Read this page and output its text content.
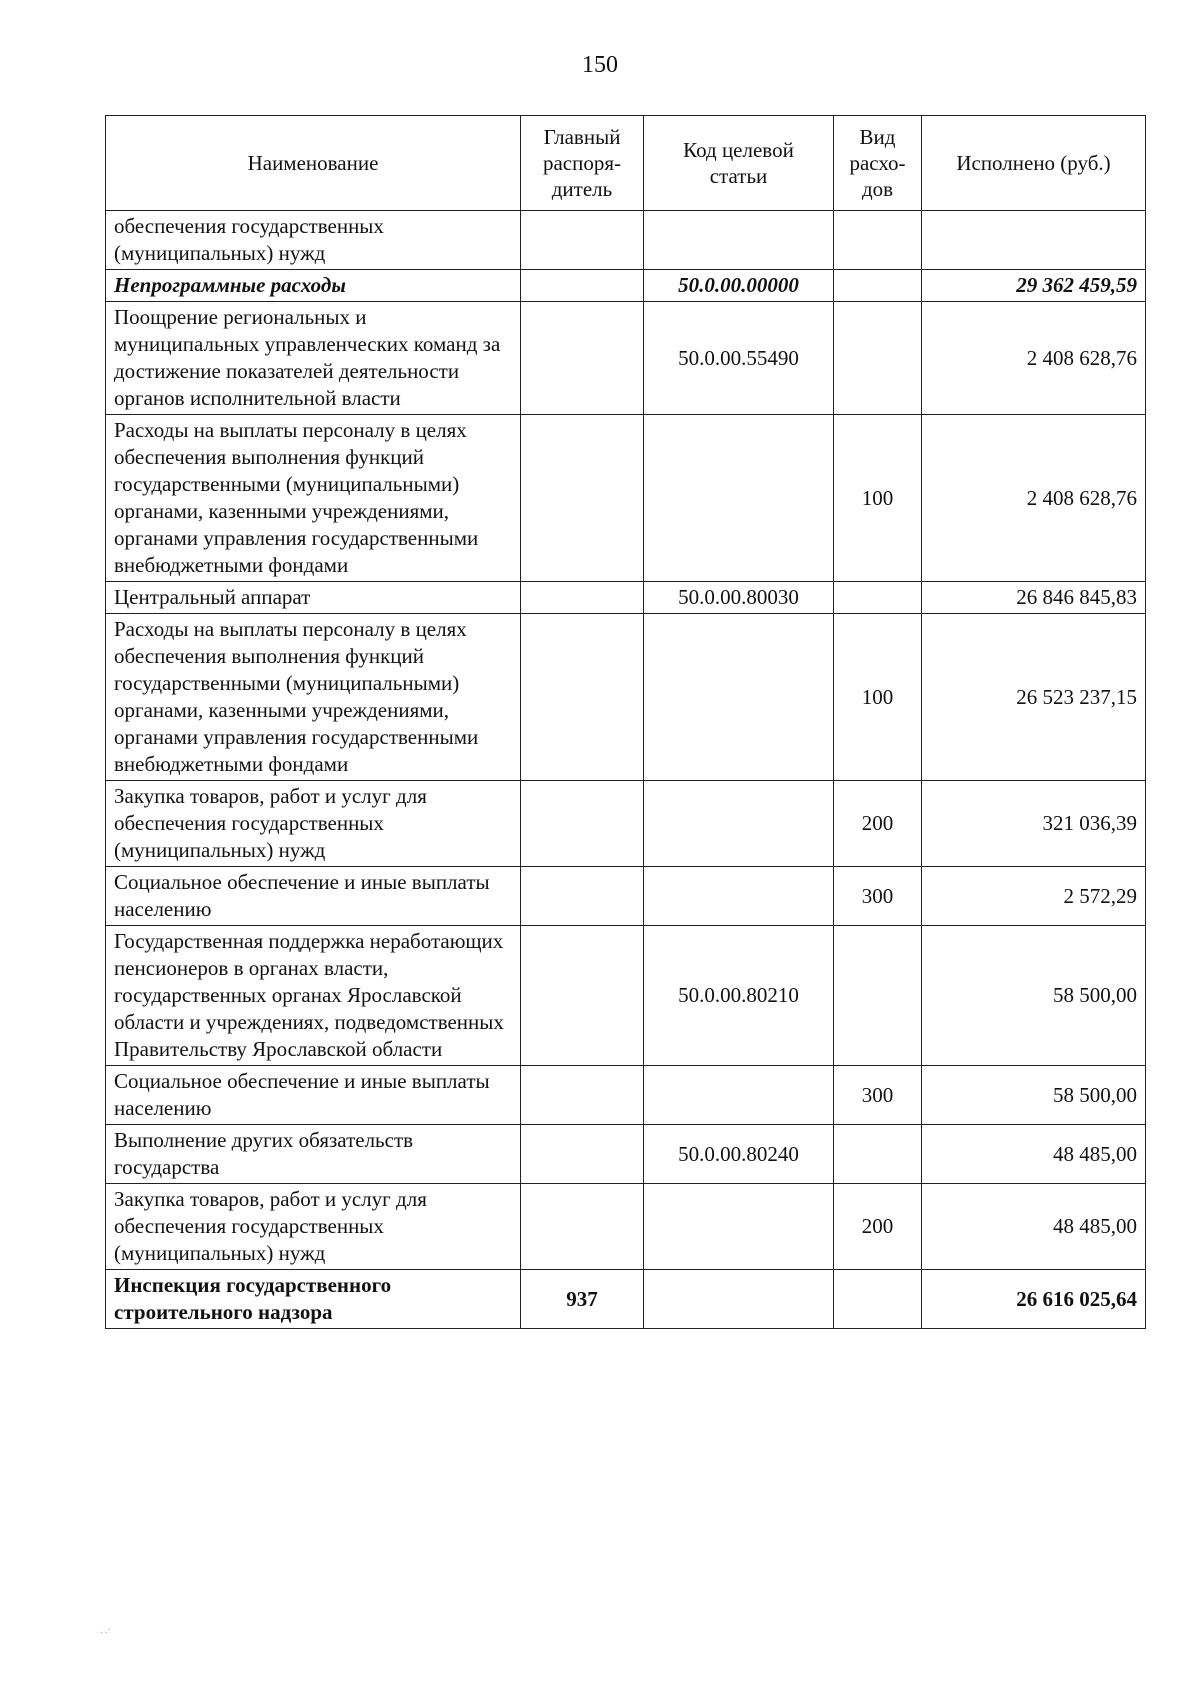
150
Наименование	Главный распоря-дитель	Код целевой статьи	Вид расхо-дов	Исполнено (руб.)
обеспечения государственных (муниципальных) нужд				
Непрограммные расходы		50.0.00.00000		29 362 459,59
Поощрение региональных и муниципальных управленческих команд за достижение показателей деятельности органов исполнительной власти		50.0.00.55490		2 408 628,76
Расходы на выплаты персоналу в целях обеспечения выполнения функций государственными (муниципальными) органами, казенными учреждениями, органами управления государственными внебюджетными фондами			100	2 408 628,76
Центральный аппарат		50.0.00.80030		26 846 845,83
Расходы на выплаты персоналу в целях обеспечения выполнения функций государственными (муниципальными) органами, казенными учреждениями, органами управления государственными внебюджетными фондами			100	26 523 237,15
Закупка товаров, работ и услуг для обеспечения государственных (муниципальных) нужд			200	321 036,39
Социальное обеспечение и иные выплаты населению			300	2 572,29
Государственная поддержка неработающих пенсионеров в органах власти, государственных органах Ярославской области и учреждениях, подведомственных Правительству Ярославской области		50.0.00.80210		58 500,00
Социальное обеспечение и иные выплаты населению			300	58 500,00
Выполнение других обязательств государства		50.0.00.80240		48 485,00
Закупка товаров, работ и услуг для обеспечения государственных (муниципальных) нужд			200	48 485,00
Инспекция государственного строительного надзора	937			26 616 025,64
. .·
